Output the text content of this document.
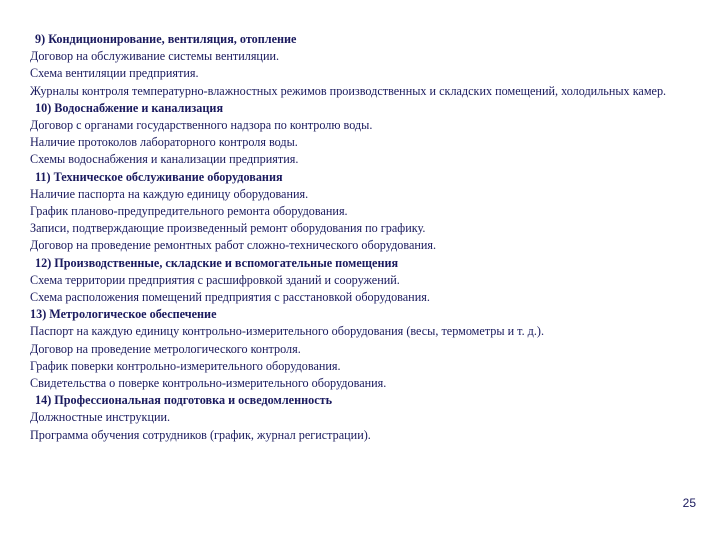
9) Кондиционирование, вентиляция, отопление
Договор на обслуживание системы вентиляции.
Схема вентиляции предприятия.
Журналы контроля температурно-влажностных режимов производственных и складских помещений, холодильных камер.
10) Водоснабжение и канализация
Договор с органами государственного надзора по контролю воды.
Наличие протоколов лабораторного контроля воды.
Схемы водоснабжения и канализации предприятия.
11) Техническое обслуживание оборудования
Наличие паспорта на каждую единицу оборудования.
График планово-предупредительного ремонта оборудования.
Записи, подтверждающие произведенный ремонт оборудования по графику.
Договор на проведение ремонтных работ сложно-технического оборудования.
12) Производственные, складские и вспомогательные помещения
Схема территории предприятия с расшифровкой зданий и сооружений.
Схема расположения помещений предприятия с расстановкой оборудования.
13) Метрологическое обеспечение
Паспорт на каждую единицу контрольно-измерительного оборудования (весы, термометры и т. д.).
Договор на проведение метрологического контроля.
График поверки контрольно-измерительного оборудования.
Свидетельства о поверке контрольно-измерительного оборудования.
14) Профессиональная подготовка и осведомленность
Должностные инструкции.
Программа обучения сотрудников (график, журнал регистрации).
25
